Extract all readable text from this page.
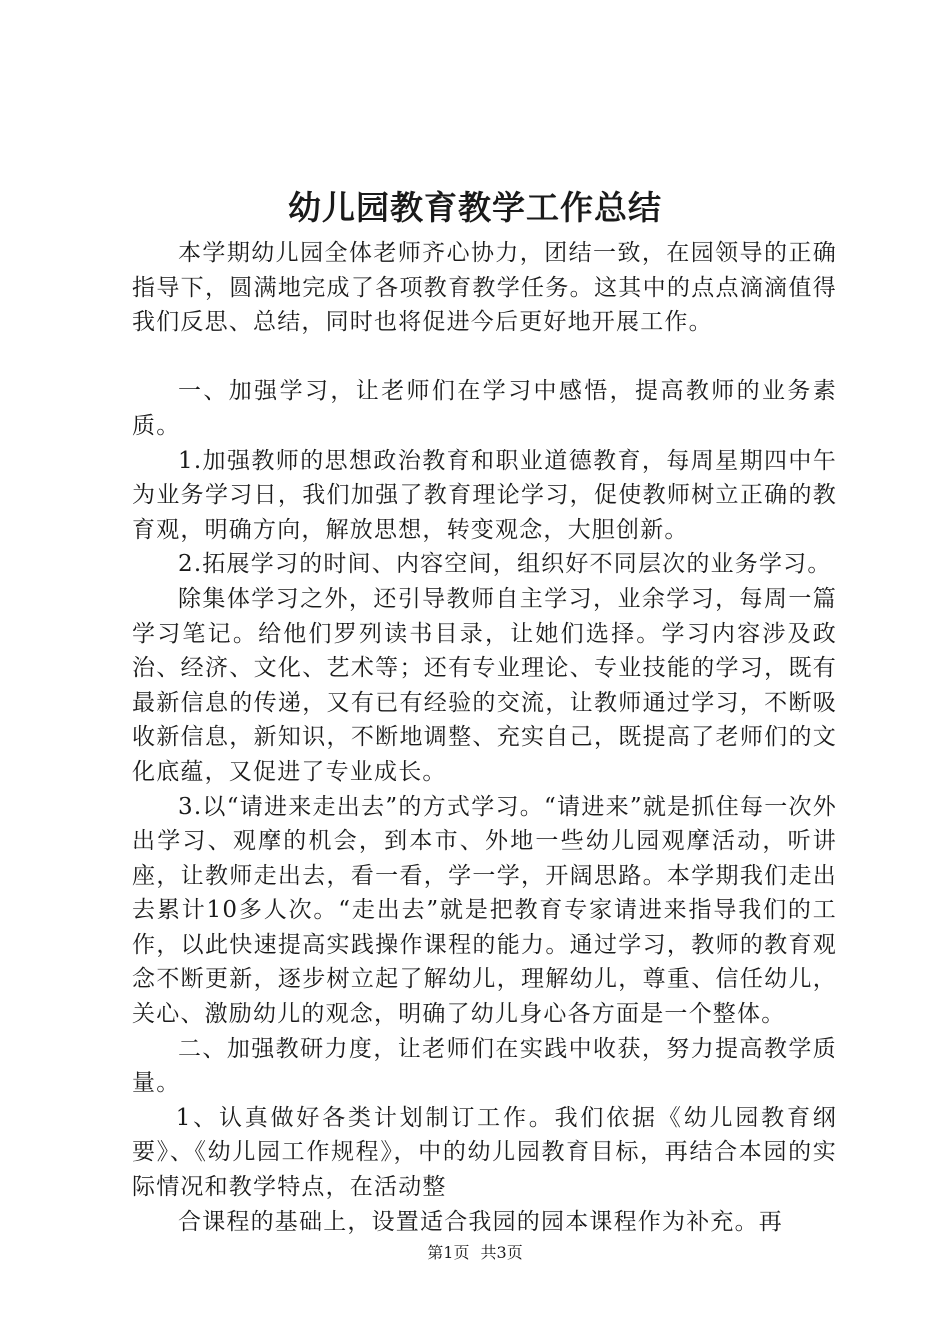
幼儿园教育教学工作总结

本学期幼儿园全体老师齐心协力，团结一致，在园领导的正确指导下，圆满地完成了各项教育教学任务。这其中的点点滴滴值得我们反思、总结，同时也将促进今后更好地开展工作。

一、加强学习，让老师们在学习中感悟，提高教师的业务素质。

1.加强教师的思想政治教育和职业道德教育，每周星期四中午为业务学习日，我们加强了教育理论学习，促使教师树立正确的教育观，明确方向，解放思想，转变观念，大胆创新。

2.拓展学习的时间、内容空间，组织好不同层次的业务学习。

除集体学习之外，还引导教师自主学习，业余学习，每周一篇学习笔记。给他们罗列读书目录，让她们选择。学习内容涉及政治、经济、文化、艺术等；还有专业理论、专业技能的学习，既有最新信息的传递，又有已有经验的交流，让教师通过学习，不断吸收新信息，新知识，不断地调整、充实自己，既提高了老师们的文化底蕴，又促进了专业成长。

3.以“请进来走出去”的方式学习。“请进来”就是抓住每一次外出学习、观摩的机会，到本市、外地一些幼儿园观摩活动，听讲座，让教师走出去，看一看，学一学，开阔思路。本学期我们走出去累计10多人次。“走出去”就是把教育专家请进来指导我们的工作，以此快速提高实践操作课程的能力。通过学习，教师的教育观念不断更新，逐步树立起了解幼儿，理解幼儿，尊重、信任幼儿，关心、激励幼儿的观念，明确了幼儿身心各方面是一个整体。

二、加强教研力度，让老师们在实践中收获，努力提高教学质量。

1、认真做好各类计划制订工作。我们依据《幼儿园教育纲要》、《幼儿园工作规程》，中的幼儿园教育目标，再结合本园的实际情况和教学特点，在活动整

合课程的基础上，设置适合我园的园本课程作为补充。再

第1页 共3页
